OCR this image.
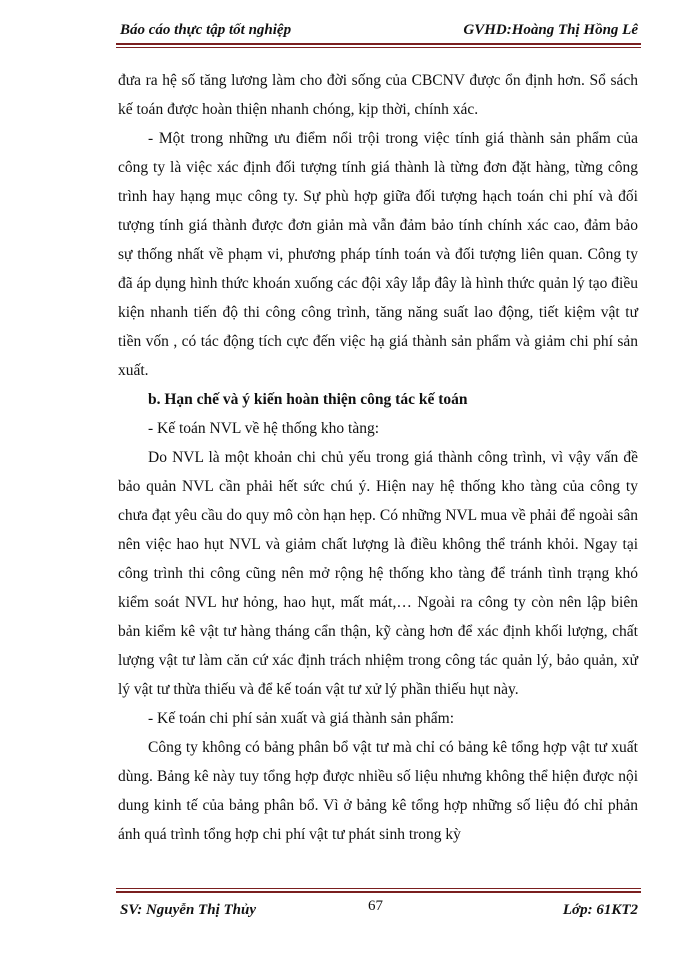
Báo cáo thực tập tốt nghiệp	GVHD:Hoàng Thị Hồng Lê

đưa ra hệ số tăng lương làm cho đời sống của CBCNV được ổn định hơn. Sổ sách kế toán được hoàn thiện nhanh chóng, kịp thời, chính xác.

- Một trong những ưu điểm nổi trội trong việc tính giá thành sản phẩm của công ty là việc xác định đối tượng tính giá thành là từng đơn đặt hàng, từng công trình hay hạng mục công ty. Sự phù hợp giữa đối tượng hạch toán chi phí và đối tượng tính giá thành được đơn giản mà vẫn đảm bảo tính chính xác cao, đảm bảo sự thống nhất về phạm vi, phương pháp tính toán và đối tượng liên quan. Công ty đã áp dụng hình thức khoán xuống các đội xây lắp đây là hình thức quản lý tạo điều kiện nhanh tiến độ thi công công trình, tăng năng suất lao động, tiết kiệm vật tư tiền vốn , có tác động tích cực đến việc hạ giá thành sản phẩm và giảm chi phí sản xuất.

b. Hạn chế và ý kiến hoàn thiện công tác kế toán

- Kế toán NVL về hệ thống kho tàng:

Do NVL là một khoản chi chủ yếu trong giá thành công trình, vì vậy vấn đề bảo quản NVL cần phải hết sức chú ý. Hiện nay hệ thống kho tàng của công ty chưa đạt yêu cầu do quy mô còn hạn hẹp. Có những NVL mua về phải để ngoài sân nên việc hao hụt NVL và giảm chất lượng là điều không thể tránh khỏi. Ngay tại công trình thi công cũng nên mở rộng hệ thống kho tàng để tránh tình trạng khó kiểm soát NVL hư hỏng, hao hụt, mất mát,… Ngoài ra công ty còn nên lập biên bản kiểm kê vật tư hàng tháng cẩn thận, kỹ càng hơn để xác định khối lượng, chất lượng vật tư làm căn cứ xác định trách nhiệm trong công tác quản lý, bảo quản, xử lý vật tư thừa thiếu và để kế toán vật tư xử lý phần thiếu hụt này.

- Kế toán chi phí sản xuất và giá thành sản phẩm:

Công ty không có bảng phân bổ vật tư mà chỉ có bảng kê tổng hợp vật tư xuất dùng. Bảng kê này tuy tổng hợp được nhiều số liệu nhưng không thể hiện được nội dung kinh tế của bảng phân bổ. Vì ở bảng kê tổng hợp những số liệu đó chỉ phản ánh quá trình tổng hợp chi phí vật tư phát sinh trong kỳ

SV: Nguyễn Thị Thủy	67	Lớp: 61KT2
